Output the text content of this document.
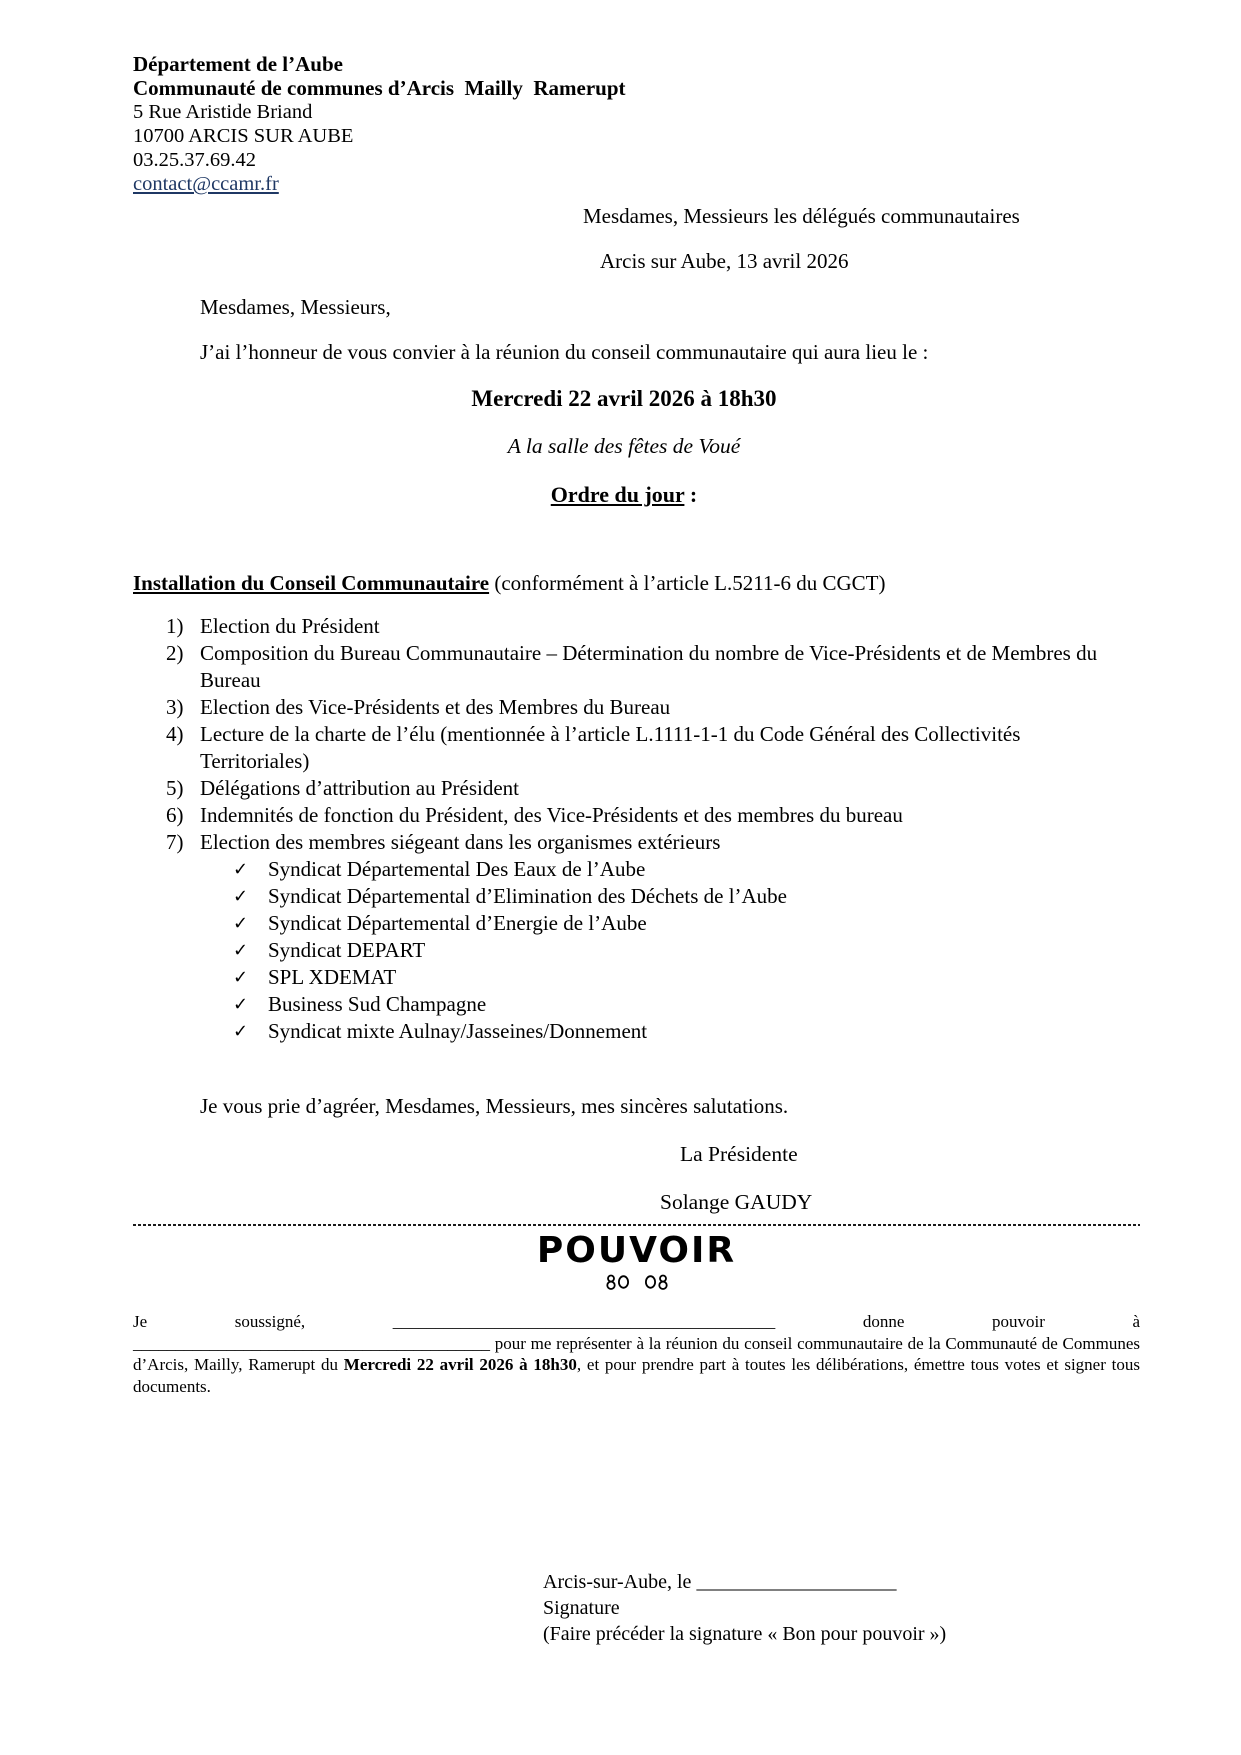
Département de l’Aube
Communauté de communes d’Arcis  Mailly  Ramerupt
5 Rue Aristide Briand
10700 ARCIS SUR AUBE
03.25.37.69.42
contact@ccamr.fr
Mesdames, Messieurs les délégués communautaires
Arcis sur Aube, 13 avril 2026
Mesdames, Messieurs,
J’ai l’honneur de vous convier à la réunion du conseil communautaire qui aura lieu le :
Mercredi 22 avril 2026 à 18h30
A la salle des fêtes de Voué
Ordre du jour :
Installation du Conseil Communautaire (conformément à l’article L.5211-6 du CGCT)
1) Election du Président
2) Composition du Bureau Communautaire – Détermination du nombre de Vice-Présidents et de Membres du Bureau
3) Election des Vice-Présidents et des Membres du Bureau
4) Lecture de la charte de l’élu (mentionnée à l’article L.1111-1-1 du Code Général des Collectivités Territoriales)
5) Délégations d’attribution au Président
6) Indemnités de fonction du Président, des Vice-Présidents et des membres du bureau
7) Election des membres siégeant dans les organismes extérieurs
✓ Syndicat Départemental Des Eaux de l’Aube
✓ Syndicat Départemental d’Elimination des Déchets de l’Aube
✓ Syndicat Départemental d’Energie de l’Aube
✓ Syndicat DEPART
✓ SPL XDEMAT
✓ Business Sud Champagne
✓ Syndicat mixte Aulnay/Jasseines/Donnement
Je vous prie d’agréer, Mesdames, Messieurs, mes sincères salutations.
La Présidente
Solange GAUDY
POUVOIR
Je	soussigné,	_____________________________________________	donne	pouvoir	à

__________________________________________ pour me représenter à la réunion du conseil communautaire de la Communauté de Communes d’Arcis, Mailly, Ramerupt du Mercredi 22 avril 2026 à 18h30, et pour prendre part à toutes les délibérations, émettre tous votes et signer tous documents.

Arcis-sur-Aube, le ____________________
Signature
(Faire précéder la signature « Bon pour pouvoir »)
